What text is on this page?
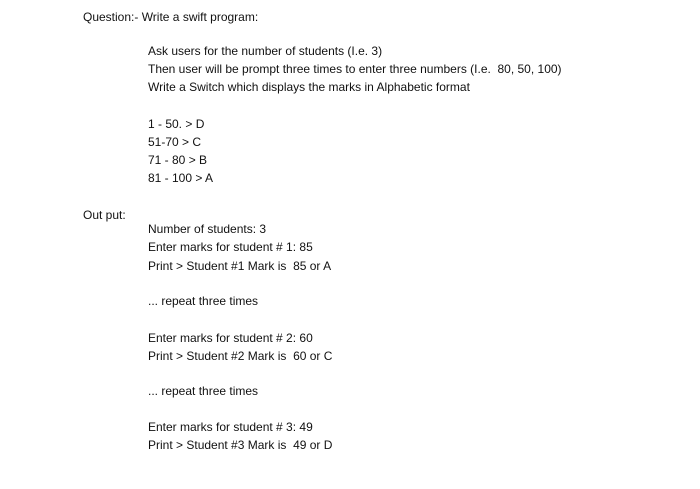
Question:- Write a swift program:
Ask users for the number of students (I.e. 3)
Then user will be prompt three times to enter three numbers (I.e.  80, 50, 100)
Write a Switch which displays the marks in Alphabetic format
1 - 50. > D
51-70 > C
71 - 80 > B
81 - 100 > A
Out put:
Number of students: 3
Enter marks for student # 1: 85
Print > Student #1 Mark is  85 or A
... repeat three times
Enter marks for student # 2: 60
Print > Student #2 Mark is  60 or C
... repeat three times
Enter marks for student # 3: 49
Print > Student #3 Mark is  49 or D
